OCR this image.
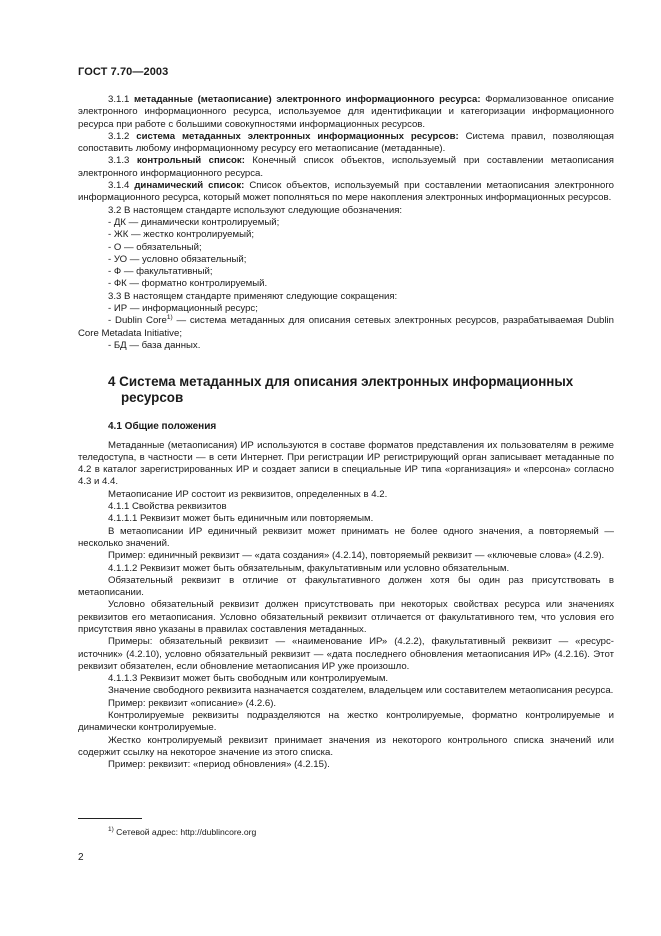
ГОСТ 7.70—2003

3.1.1 метаданные (метаописание) электронного информационного ресурса: Формализованное описание электронного информационного ресурса, используемое для идентификации и категоризации информационного ресурса при работе с большими совокупностями информационных ресурсов.

3.1.2 система метаданных электронных информационных ресурсов: Система правил, позволяющая сопоставить любому информационному ресурсу его метаописание (метаданные).

3.1.3 контрольный список: Конечный список объектов, используемый при составлении метаописания электронного информационного ресурса.

3.1.4 динамический список: Список объектов, используемый при составлении метаописания электронного информационного ресурса, который может пополняться по мере накопления электронных информационных ресурсов.

3.2 В настоящем стандарте используют следующие обозначения:

- ДК — динамически контролируемый;

- ЖК — жестко контролируемый;

- О — обязательный;

- УО — условно обязательный;

- Ф — факультативный;

- ФК — форматно контролируемый.

3.3 В настоящем стандарте применяют следующие сокращения:

- ИР — информационный ресурс;

- Dublin Core$^{1)}$ — система метаданных для описания сетевых электронных ресурсов, разрабатываемая Dublin Core Metadata Initiative;

- БД — база данных.

4 Система метаданных для описания электронных информационных
ресурсов
4.1 Общие положения

Метаданные (метаописания) ИР используются в составе форматов представления их пользователям в режиме теледоступа, в частности — в сети Интернет. При регистрации ИР регистрирующий орган записывает метаданные по 4.2 в каталог зарегистрированных ИР и создает записи в специальные ИР типа «организация» и «персона» согласно 4.3 и 4.4.

Метаописание ИР состоит из реквизитов, определенных в 4.2.

4.1.1 Свойства реквизитов

4.1.1.1 Реквизит может быть единичным или повторяемым.

В метаописании ИР единичный реквизит может принимать не более одного значения, а повторяемый — несколько значений.

Пример: единичный реквизит — «дата создания» (4.2.14), повторяемый реквизит — «ключевые слова» (4.2.9).

4.1.1.2 Реквизит может быть обязательным, факультативным или условно обязательным.

Обязательный реквизит в отличие от факультативного должен хотя бы один раз присутствовать в метаописании.

Условно обязательный реквизит должен присутствовать при некоторых свойствах ресурса или значениях реквизитов его метаописания. Условно обязательный реквизит отличается от факультативного тем, что условия его присутствия явно указаны в правилах составления метаданных.

Примеры: обязательный реквизит — «наименование ИР» (4.2.2), факультативный реквизит — «ресурс-источник» (4.2.10), условно обязательный реквизит — «дата последнего обновления метаописания ИР» (4.2.16). Этот реквизит обязателен, если обновление метаописания ИР уже произошло.

4.1.1.3 Реквизит может быть свободным или контролируемым.

Значение свободного реквизита назначается создателем, владельцем или составителем метаописания ресурса.

Пример: реквизит «описание» (4.2.6).

Контролируемые реквизиты подразделяются на жестко контролируемые, форматно контролируемые и динамически контролируемые.

Жестко контролируемый реквизит принимает значения из некоторого контрольного списка значений или содержит ссылку на некоторое значение из этого списка.

Пример: реквизит: «период обновления» (4.2.15).

$^{1)}$ Сетевой адрес: http://dublincore.org
2
